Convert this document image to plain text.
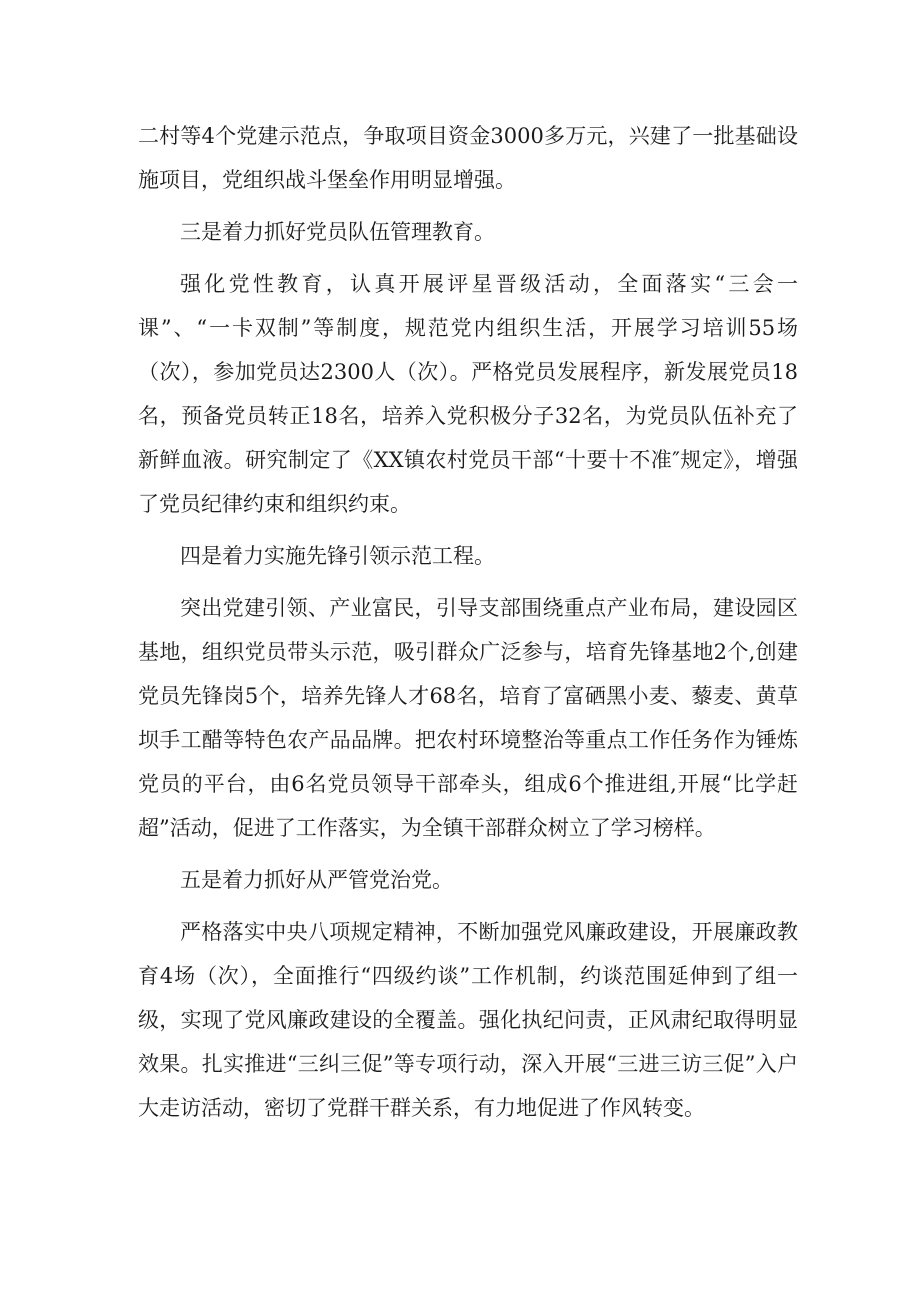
二村等4个党建示范点，争取项目资金3000多万元，兴建了一批基础设施项目，党组织战斗堡垒作用明显增强。

三是着力抓好党员队伍管理教育。

强化党性教育，认真开展评星晋级活动，全面落实“三会一课”、“一卡双制”等制度，规范党内组织生活，开展学习培训55场（次），参加党员达2300人（次）。严格党员发展程序，新发展党员18名，预备党员转正18名，培养入党积极分子32名，为党员队伍补充了新鲜血液。研究制定了《XX镇农村党员干部“十要十不准″规定》，增强了党员纪律约束和组织约束。

四是着力实施先锋引领示范工程。

突出党建引领、产业富民，引导支部围绕重点产业布局，建设园区基地，组织党员带头示范，吸引群众广泛参与，培育先锋基地2个,创建党员先锋岗5个，培养先锋人才68名，培育了富硒黑小麦、藜麦、黄草坝手工醋等特色农产品品牌。把农村环境整治等重点工作任务作为锤炼党员的平台，由6名党员领导干部牵头，组成6个推进组,开展“比学赶超”活动，促进了工作落实，为全镇干部群众树立了学习榜样。

五是着力抓好从严管党治党。

严格落实中央八项规定精神，不断加强党风廉政建设，开展廉政教育4场（次），全面推行“四级约谈”工作机制，约谈范围延伸到了组一级，实现了党风廉政建设的全覆盖。强化执纪问责，正风肃纪取得明显效果。扎实推进“三纠三促”等专项行动，深入开展“三进三访三促”入户大走访活动，密切了党群干群关系，有力地促进了作风转变。
